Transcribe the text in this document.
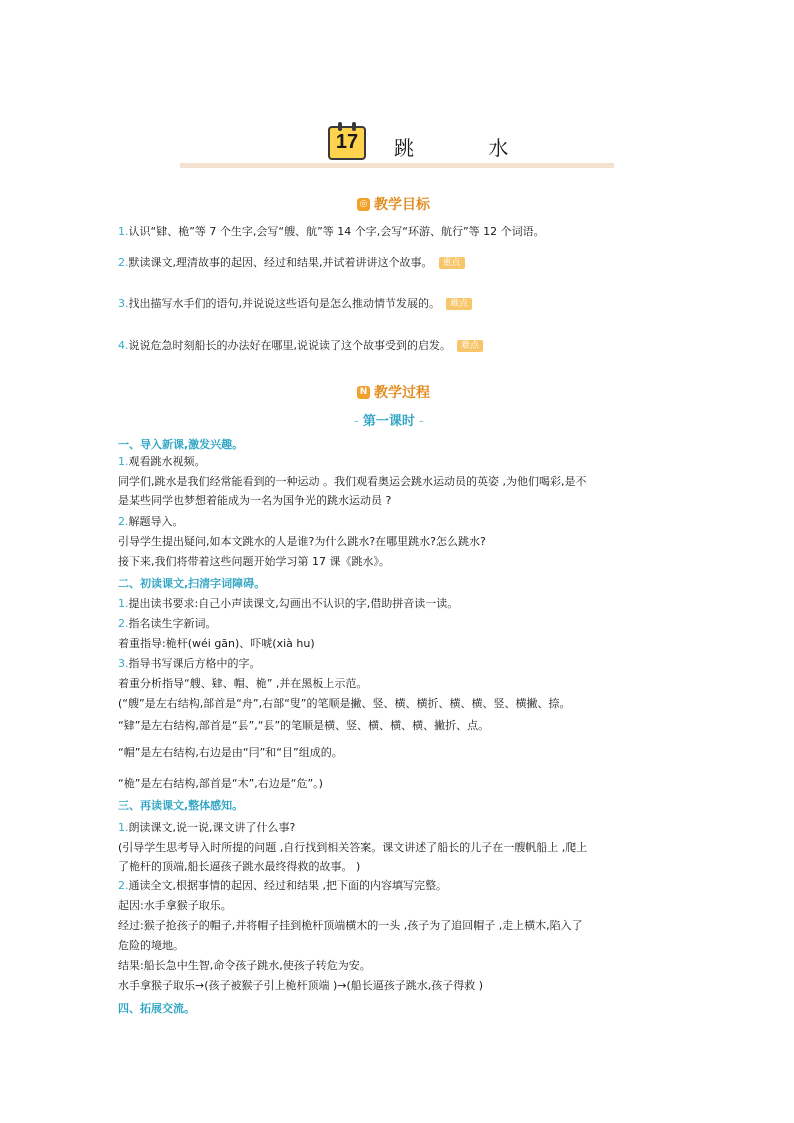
17 跳 水
◎ 教学目标
1.认识“肄、桅”等 7 个生字,会写“艘、航”等 14 个字,会写“环游、航行”等 12 个词语。
2.默读课文,理清故事的起因、经过和结果,并试着讲讲这个故事。 重点
3.找出描写水手们的语句,并说说这些语句是怎么推动情节发展的。 难点
4.说说危急时刻船长的办法好在哪里,说说读了这个故事受到的启发。 难点
N 教学过程
- 第一课时 -
一、导入新课,激发兴趣。
1.观看跳水视频。
同学们,跳水是我们经常能看到的一种运动 。我们观看奥运会跳水运动员的英姿 ,为他们喝彩,是不
是某些同学也梦想着能成为一名为国争光的跳水运动员 ?
2.解题导入。
引导学生提出疑问,如本文跳水的人是谁?为什么跳水?在哪里跳水?怎么跳水?
接下来,我们将带着这些问题开始学习第 17 课《跳水》。
二、初读课文,扫清字词障碍。
1.提出读书要求:自己小声读课文,勾画出不认识的字,借助拼音读一读。
2.指名读生字新词。
着重指导:桅杆(wéi gān)、吓唬(xià hu)
3.指导书写课后方格中的字。
着重分析指导“艘、肄、帽、桅” ,并在黑板上示范。
(“艘”是左右结构,部首是“舟”,右部“叟”的笔顺是撇、竖、横、横折、横、横、竖、横撇、捺。
“肄”是左右结构,部首是“镸”,“镸”的笔顺是横、竖、横、横、横、撇折、点。
“帽”是左右结构,右边是由“冃”和“目”组成的。
“桅”是左右结构,部首是“木”,右边是“危”。)
三、再读课文,整体感知。
1.朗读课文,说一说,课文讲了什么事?
(引导学生思考导入时所提的问题 ,自行找到相关答案。课文讲述了船长的儿子在一艘帆船上 ,爬上
了桅杆的顶端,船长逼孩子跳水最终得救的故事。 )
2.通读全文,根据事情的起因、经过和结果 ,把下面的内容填写完整。
起因:水手拿猴子取乐。
经过:猴子抢孩子的帽子,并将帽子挂到桅杆顶端横木的一头 ,孩子为了追回帽子 ,走上横木,陷入了
危险的境地。
结果:船长急中生智,命令孩子跳水,使孩子转危为安。
水手拿猴子取乐→(孩子被猴子引上桅杆顶端 )→(船长逼孩子跳水,孩子得救 )
四、拓展交流。
